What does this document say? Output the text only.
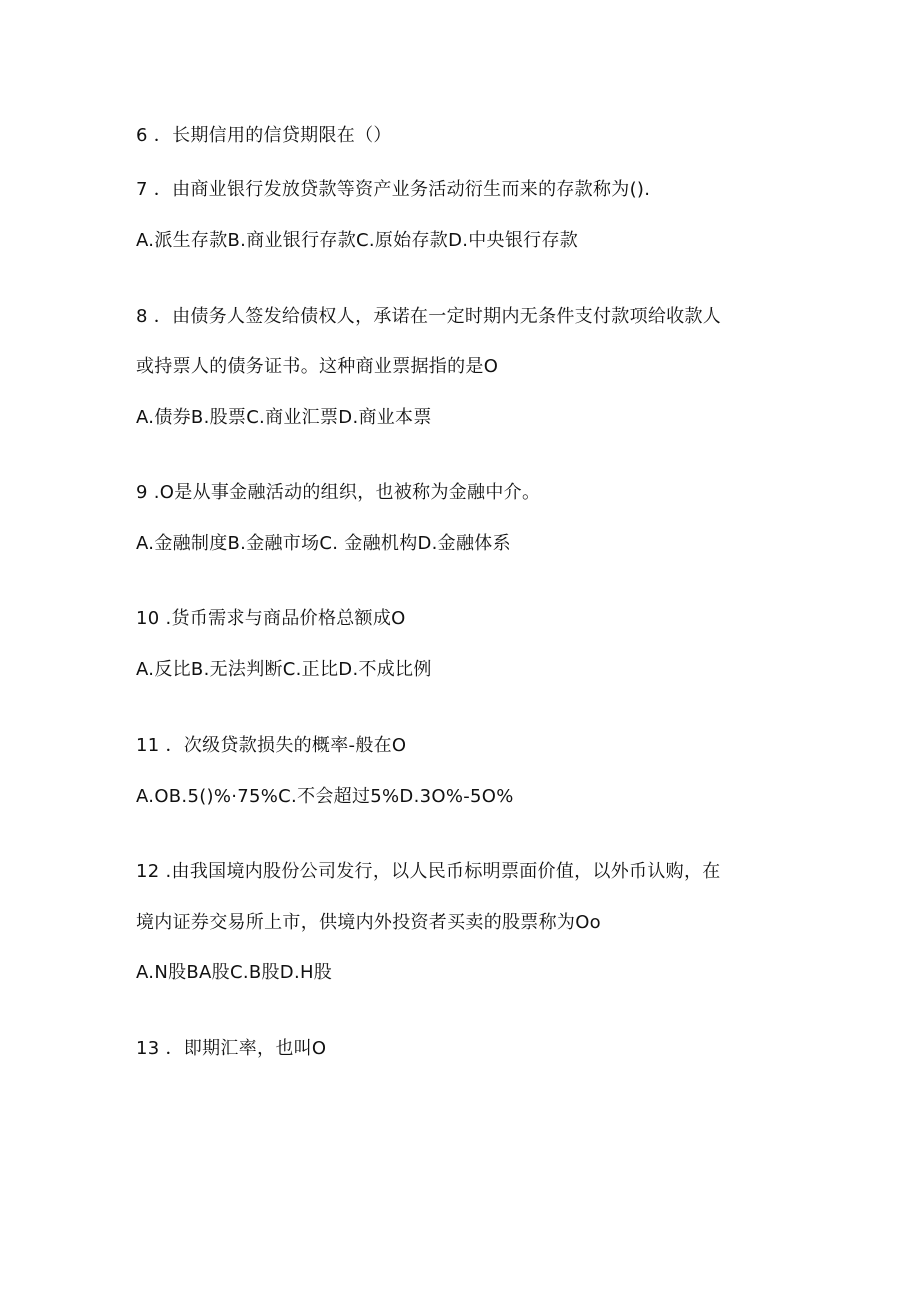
6 ．长期信用的信贷期限在（）
7 ．由商业银行发放贷款等资产业务活动衍生而来的存款称为().
A.派生存款B.商业银行存款C.原始存款D.中央银行存款
8 ．由债务人签发给债权人，承诺在一定时期内无条件支付款项给收款人
或持票人的债务证书。这种商业票据指的是O
A.债券B.股票C.商业汇票D.商业本票
9 .O是从事金融活动的组织，也被称为金融中介。
A.金融制度B.金融市场C. 金融机构D.金融体系
10 .货币需求与商品价格总额成O
A.反比B.无法判断C.正比D.不成比例
11 ．次级贷款损失的概率-般在O
A.OB.5()%·75%C.不会超过5%D.3O%-5O%
12 .由我国境内股份公司发行，以人民币标明票面价值，以外币认购，在
境内证券交易所上市，供境内外投资者买卖的股票称为Oo
A.N股BA股C.B股D.H股
13 ．即期汇率，也叫O
